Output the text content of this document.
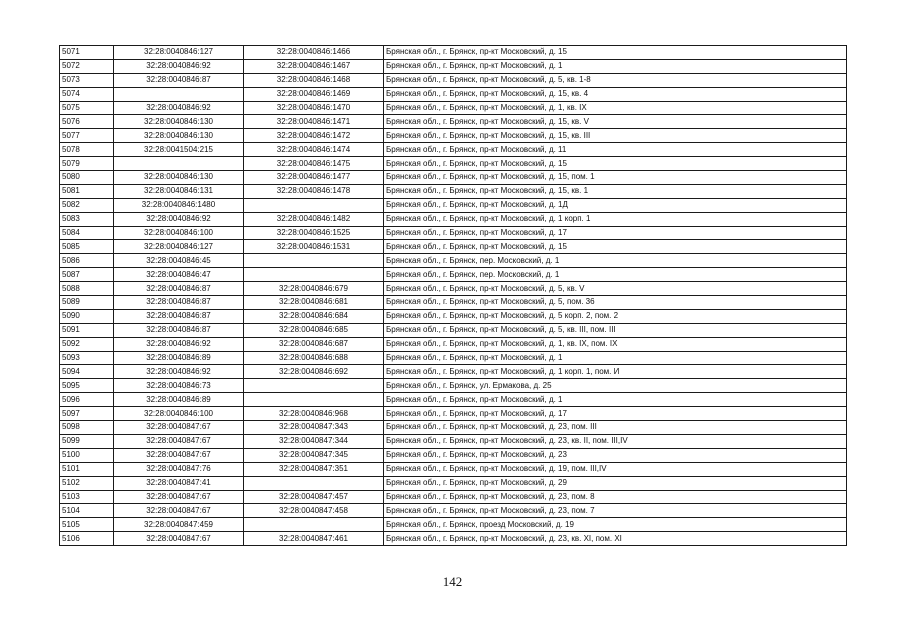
5071	32:28:0040846:127	32:28:0040846:1466	Брянская обл., г. Брянск, пр-кт Московский, д. 15
5072	32:28:0040846:92	32:28:0040846:1467	Брянская обл., г. Брянск, пр-кт Московский, д. 1
5073	32:28:0040846:87	32:28:0040846:1468	Брянская обл., г. Брянск, пр-кт Московский, д. 5, кв. 1-8
5074		32:28:0040846:1469	Брянская обл., г. Брянск, пр-кт Московский, д. 15, кв. 4
5075	32:28:0040846:92	32:28:0040846:1470	Брянская обл., г. Брянск, пр-кт Московский, д. 1, кв. IX
5076	32:28:0040846:130	32:28:0040846:1471	Брянская обл., г. Брянск, пр-кт Московский, д. 15, кв. V
5077	32:28:0040846:130	32:28:0040846:1472	Брянская обл., г. Брянск, пр-кт Московский, д. 15, кв. III
5078	32:28:0041504:215	32:28:0040846:1474	Брянская обл., г. Брянск, пр-кт Московский, д. 11
5079		32:28:0040846:1475	Брянская обл., г. Брянск, пр-кт Московский, д. 15
5080	32:28:0040846:130	32:28:0040846:1477	Брянская обл., г. Брянск, пр-кт Московский, д. 15, пом. 1
5081	32:28:0040846:131	32:28:0040846:1478	Брянская обл., г. Брянск, пр-кт Московский, д. 15, кв. 1
5082	32:28:0040846:1480		Брянская обл., г. Брянск, пр-кт Московский, д. 1Д
5083	32:28:0040846:92	32:28:0040846:1482	Брянская обл., г. Брянск, пр-кт Московский, д. 1 корп. 1
5084	32:28:0040846:100	32:28:0040846:1525	Брянская обл., г. Брянск, пр-кт Московский, д. 17
5085	32:28:0040846:127	32:28:0040846:1531	Брянская обл., г. Брянск, пр-кт Московский, д. 15
5086	32:28:0040846:45		Брянская обл., г. Брянск, пер. Московский, д. 1
5087	32:28:0040846:47		Брянская обл., г. Брянск, пер. Московский, д. 1
5088	32:28:0040846:87	32:28:0040846:679	Брянская обл., г. Брянск, пр-кт Московский, д. 5, кв. V
5089	32:28:0040846:87	32:28:0040846:681	Брянская обл., г. Брянск, пр-кт Московский, д. 5, пом. 36
5090	32:28:0040846:87	32:28:0040846:684	Брянская обл., г. Брянск, пр-кт Московский, д. 5 корп. 2, пом. 2
5091	32:28:0040846:87	32:28:0040846:685	Брянская обл., г. Брянск, пр-кт Московский, д. 5, кв. III, пом. III
5092	32:28:0040846:92	32:28:0040846:687	Брянская обл., г. Брянск, пр-кт Московский, д. 1, кв. IX, пом. IX
5093	32:28:0040846:89	32:28:0040846:688	Брянская обл., г. Брянск, пр-кт Московский, д. 1
5094	32:28:0040846:92	32:28:0040846:692	Брянская обл., г. Брянск, пр-кт Московский, д. 1 корп. 1, пом. И
5095	32:28:0040846:73		Брянская обл., г. Брянск, ул. Ермакова, д. 25
5096	32:28:0040846:89		Брянская обл., г. Брянск, пр-кт Московский, д. 1
5097	32:28:0040846:100	32:28:0040846:968	Брянская обл., г. Брянск, пр-кт Московский, д. 17
5098	32:28:0040847:67	32:28:0040847:343	Брянская обл., г. Брянск, пр-кт Московский, д. 23, пом. III
5099	32:28:0040847:67	32:28:0040847:344	Брянская обл., г. Брянск, пр-кт Московский, д. 23, кв. II, пом. III,IV
5100	32:28:0040847:67	32:28:0040847:345	Брянская обл., г. Брянск, пр-кт Московский, д. 23
5101	32:28:0040847:76	32:28:0040847:351	Брянская обл., г. Брянск, пр-кт Московский, д. 19, пом. III,IV
5102	32:28:0040847:41		Брянская обл., г. Брянск, пр-кт Московский, д. 29
5103	32:28:0040847:67	32:28:0040847:457	Брянская обл., г. Брянск, пр-кт Московский, д. 23, пом. 8
5104	32:28:0040847:67	32:28:0040847:458	Брянская обл., г. Брянск, пр-кт Московский, д. 23, пом. 7
5105	32:28:0040847:459		Брянская обл., г. Брянск, проезд Московский, д. 19
5106	32:28:0040847:67	32:28:0040847:461	Брянская обл., г. Брянск, пр-кт Московский, д. 23, кв. XI, пом. XI
142
